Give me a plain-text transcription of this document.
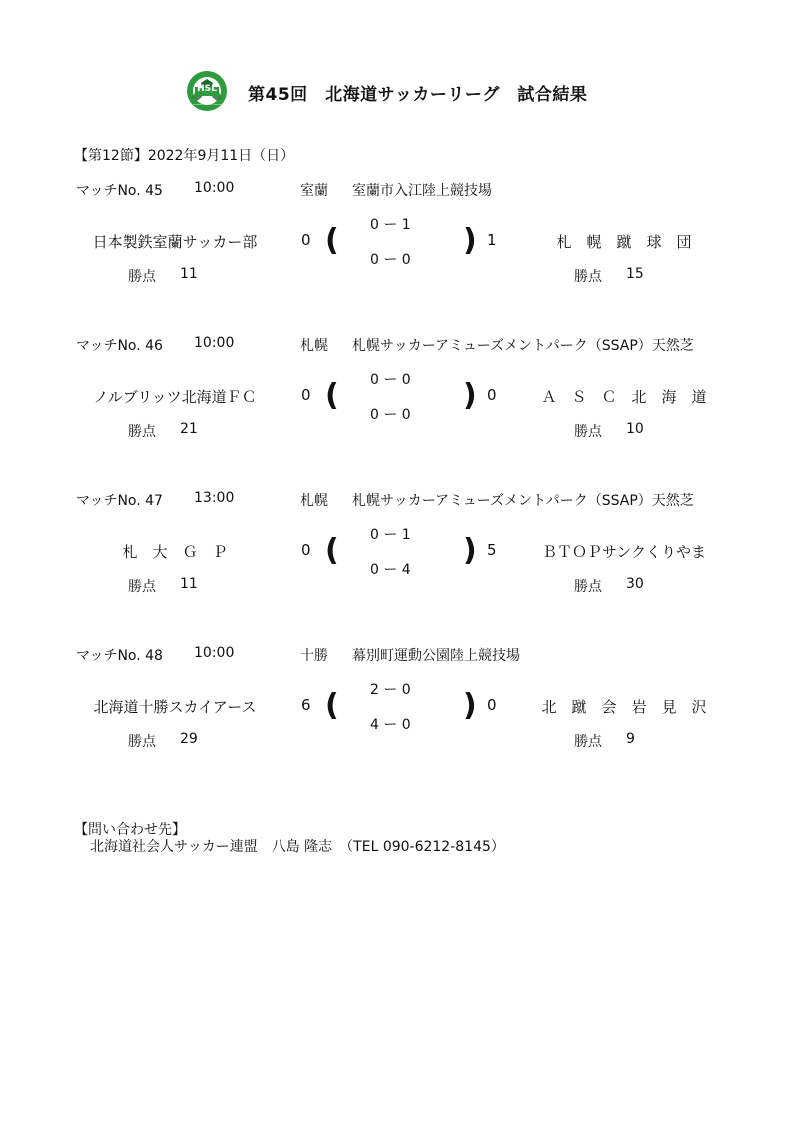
HSL
HOKKAIDO SOCCER LEAGUE 第45回　北海道サッカーリーグ　試合結果
【第12節】2022年9月11日（日）
マッチNo. 45 10:00	室蘭 室蘭市入江陸上競技場
日本製鉄室蘭サッカー部	0 ( 0 ー 1
0 ー 0
) 1	札　幌　蹴　球　団
勝点 11	勝点 15
マッチNo. 46 10:00	札幌 札幌サッカーアミューズメントパーク（SSAP）天然芝
ノルブリッツ北海道ＦＣ	0 ( 0 ー 0
0 ー 0
) 0	Ａ　Ｓ　Ｃ　北　海　道
勝点 21	勝点 10
マッチNo. 47 13:00	札幌 札幌サッカーアミューズメントパーク（SSAP）天然芝
札　大　Ｇ　Ｐ	0 ( 0 ー 1
0 ー 4
) 5	ＢＴＯＰサンクくりやま
勝点 11	勝点 30
マッチNo. 48 10:00	十勝 幕別町運動公園陸上競技場
北海道十勝スカイアース	6 ( 2 ー 0
4 ー 0
) 0	北　蹴　会　岩　見　沢
勝点 29	勝点 9
【問い合わせ先】
北海道社会人サッカー連盟　八島 隆志　（TEL 090-6212-8145）
